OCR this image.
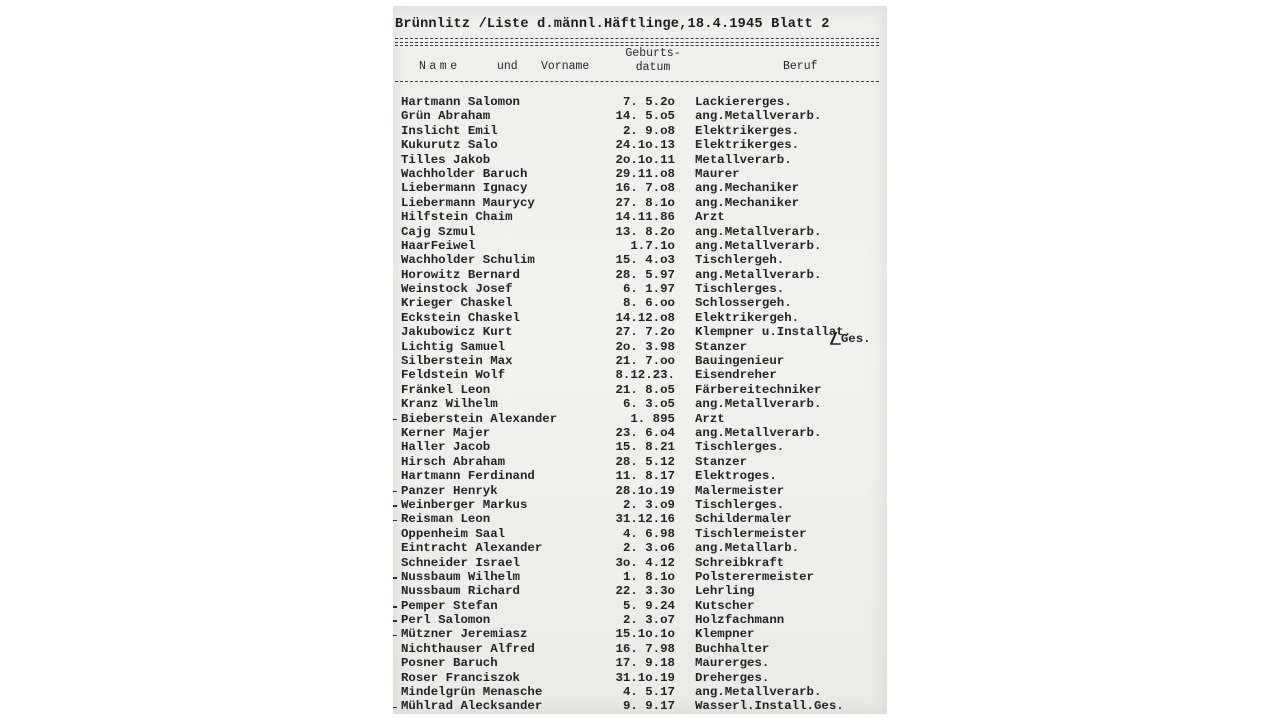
Brünnlitz /Liste d.männl.Häftlinge,18.4.1945 Blatt 2
Name	und Vorname
Geburts-
datum	Beruf
Hartmann Salomon	7. 5.2o Lackiererges.
Grün Abraham	14. 5.o5 ang.Metallverarb.
Inslicht Emil	2. 9.o8 Elektrikerges.
Kukurutz Salo	24.1o.13 Elektrikerges.
Tilles Jakob	2o.1o.11 Metallverarb.
Wachholder Baruch	29.11.o8 Maurer
Liebermann Ignacy	16. 7.o8 ang.Mechaniker
Liebermann Maurycy	27. 8.1o ang.Mechaniker
Hilfstein Chaim	14.11.86 Arzt
Cajg Szmul	13. 8.2o ang.Metallverarb.
HaarFeiwel	1.7.1o ang.Metallverarb.
Wachholder Schulim	15. 4.o3 Tischlergeh.
Horowitz Bernard	28. 5.97 ang.Metallverarb.
Weinstock Josef	6. 1.97 Tischlerges.
Krieger Chaskel	8. 6.oo Schlossergeh.
Eckstein Chaskel	14.12.o8 Elektrikergeh.
Jakubowicz Kurt	27. 7.2o Klempner u.Installat.
Lichtig Samuel	2o. 3.98 Stanzer
Silberstein Max	21. 7.oo Bauingenieur
Feldstein Wolf	8.12.23. Eisendreher
Fränkel Leon	21. 8.o5 Färbereitechniker
Kranz Wilhelm	6. 3.o5 ang.Metallverarb.
Bieberstein Alexander	1. 895 Arzt
Kerner Majer	23. 6.o4 ang.Metallverarb.
Haller Jacob	15. 8.21 Tischlerges.
Hirsch Abraham	28. 5.12 Stanzer
Hartmann Ferdinand	11. 8.17 Elektroges.
Panzer Henryk	28.1o.19 Malermeister
Weinberger Markus	2. 3.o9 Tischlerges.
Reisman Leon	31.12.16 Schildermaler
Oppenheim Saal	4. 6.98 Tischlermeister
Eintracht Alexander	2. 3.o6 ang.Metallarb.
Schneider Israel	3o. 4.12 Schreibkraft
Nussbaum Wilhelm	1. 8.1o Polsterermeister
Nussbaum Richard	22. 3.3o Lehrling
Pemper Stefan	5. 9.24 Kutscher
Perl Salomon	2. 3.o7 Holzfachmann
Mützner Jeremiasz	15.1o.1o Klempner
Nichthauser Alfred	16. 7.98 Buchhalter
Posner Baruch	17. 9.18 Maurerges.
Roser Franciszok	31.1o.19 Dreherges.
Mindelgrün Menasche	4. 5.17 ang.Metallverarb.
Mühlrad Alecksander	9. 9.17 Wasserl.Install.Ges.
⎳Ges.
